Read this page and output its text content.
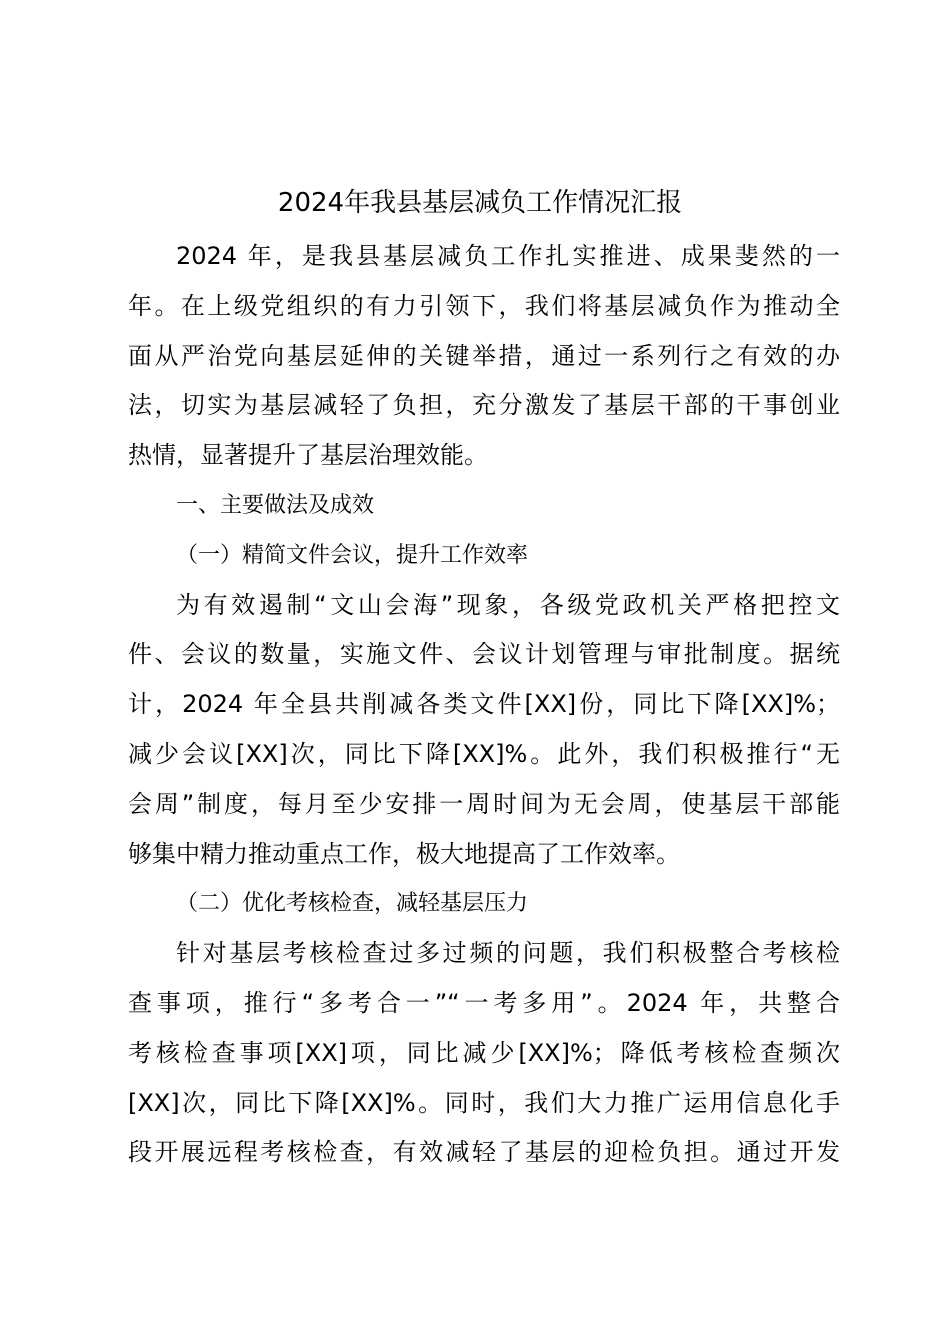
2024年我县基层减负工作情况汇报
2024 年，是我县基层减负工作扎实推进、成果斐然的一
年。在上级党组织的有力引领下，我们将基层减负作为推动全
面从严治党向基层延伸的关键举措，通过一系列行之有效的办
法，切实为基层减轻了负担，充分激发了基层干部的干事创业
热情，显著提升了基层治理效能。
一、主要做法及成效
（一）精简文件会议，提升工作效率
为有效遏制“文山会海”现象，各级党政机关严格把控文
件、会议的数量，实施文件、会议计划管理与审批制度。据统
计，2024 年全县共削减各类文件[XX]份，同比下降[XX]%；
减少会议[XX]次，同比下降[XX]%。此外，我们积极推行“无
会周”制度，每月至少安排一周时间为无会周，使基层干部能
够集中精力推动重点工作，极大地提高了工作效率。
（二）优化考核检查，减轻基层压力
针对基层考核检查过多过频的问题，我们积极整合考核检
查事项，推行“多考合一”“一考多用”。2024 年，共整合
考核检查事项[XX]项，同比减少[XX]%；降低考核检查频次
[XX]次，同比下降[XX]%。同时，我们大力推广运用信息化手
段开展远程考核检查，有效减轻了基层的迎检负担。通过开发
